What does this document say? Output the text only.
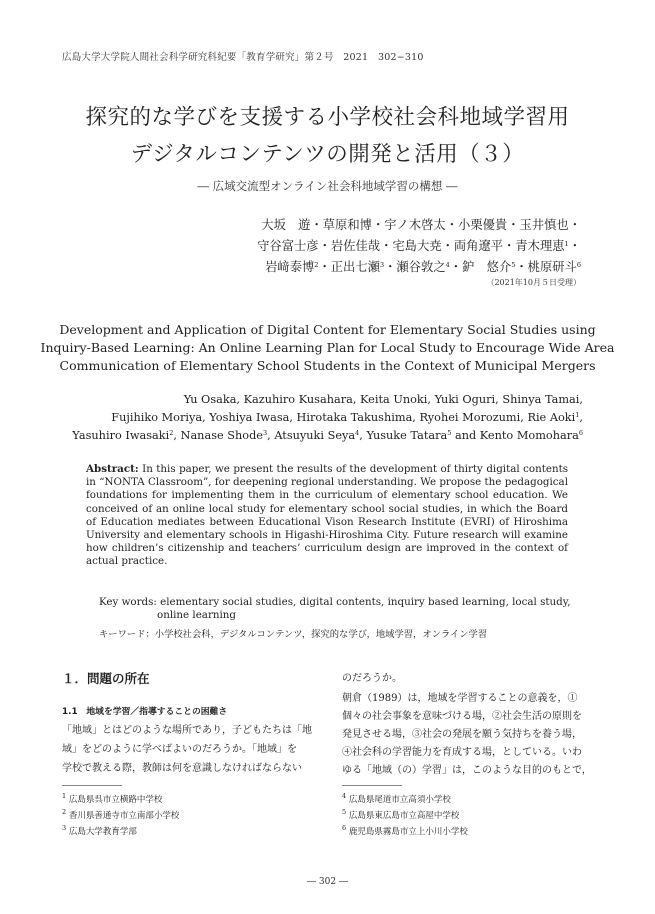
広島大学大学院人間社会科学研究科紀要「教育学研究」第２号　2021　302−310
探究的な学びを支援する小学校社会科地域学習用
デジタルコンテンツの開発と活用（３）
― 広域交流型オンライン社会科地域学習の構想 ―
大坂　遊・草原和博・宇ノ木啓太・小栗優貴・玉井慎也・
守谷富士彦・岩佐佳哉・宅島大尭・両角遼平・青木理恵$^1$・
岩﨑泰博$^2$・正出七瀬$^3$・瀬谷敦之$^4$・鈩　悠介$^5$・桃原研斗$^6$
（2021年10月５日受理）
Development and Application of Digital Content for Elementary Social Studies using
Inquiry-Based Learning: An Online Learning Plan for Local Study to Encourage Wide Area
Communication of Elementary School Students in the Context of Municipal Mergers
Yu Osaka, Kazuhiro Kusahara, Keita Unoki, Yuki Oguri, Shinya Tamai,
Fujihiko Moriya, Yoshiya Iwasa, Hirotaka Takushima, Ryohei Morozumi, Rie Aoki$^1$,
Yasuhiro Iwasaki$^2$, Nanase Shode$^3$, Atsuyuki Seya$^4$, Yusuke Tatara$^5$ and Kento Momohara$^6$
Abstract: In this paper, we present the results of the development of thirty digital contents in “NONTA Classroom”, for deepening regional understanding. We propose the pedagogical foundations for implementing them in the curriculum of elementary school education. We conceived of an online local study for elementary school social studies, in which the Board of Education mediates between Educational Vison Research Institute (EVRI) of Hiroshima University and elementary schools in Higashi-Hiroshima City. Future research will examine how children’s citizenship and teachers’ curriculum design are improved in the context of actual practice.
Key words: elementary social studies, digital contents, inquiry based learning, local study,
online learning
キーワード：小学校社会科，デジタルコンテンツ，探究的な学び，地域学習，オンライン学習
１．問題の所在
1.1　地域を学習／指導することの困難さ
「地域」とはどのような場所であり，子どもたちは「地
域」をどのように学べばよいのだろうか。「地域」を
学校で教える際，教師は何を意識しなければならない
のだろうか。
朝倉（1989）は，地域を学習することの意義を，①
個々の社会事象を意味づける場，②社会生活の原則を
発見させる場，③社会の発展を願う気持ちを養う場，
④社会科の学習能力を育成する場，としている。いわ
ゆる「地域（の）学習」は，このような目的のもとで，
$^1$ 広島県呉市立横路中学校
$^2$ 香川県善通寺市立南部小学校
$^3$ 広島大学教育学部
$^4$ 広島県尾道市立高須小学校
$^5$ 広島県東広島市立高屋中学校
$^6$ 鹿児島県霧島市立上小川小学校
― 302 ―
